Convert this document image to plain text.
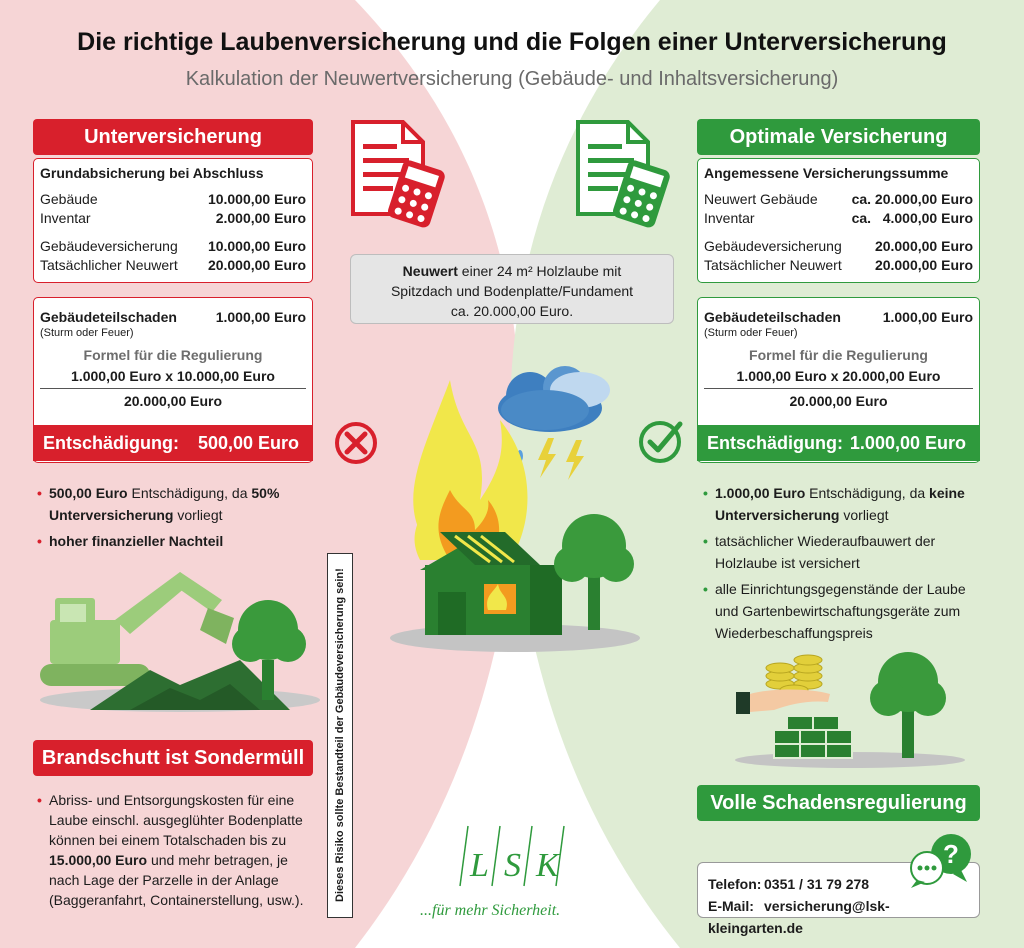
Die richtige Laubenversicherung und die Folgen einer Unterversicherung
Kalkulation der Neuwertversicherung (Gebäude- und Inhaltsversicherung)
Unterversicherung
Grundabsicherung bei Abschluss
Gebäude	10.000,00 Euro
Inventar	2.000,00 Euro
Gebäudeversicherung 10.000,00 Euro
Tatsächlicher Neuwert 20.000,00 Euro
Gebäudeteilschaden	1.000,00 Euro
(Sturm oder Feuer)
Formel für die Regulierung
1.000,00 Euro x 10.000,00 Euro
20.000,00 Euro
Entschädigung: 500,00 Euro
• 500,00 Euro Entschädigung, da 50% Unterversicherung vorliegt
• hoher finanzieller Nachteil
Brandschutt ist Sondermüll
• Abriss- und Entsorgungskosten für eine Laube einschl. ausgeglühter Bodenplatte können bei einem Totalschaden bis zu 15.000,00 Euro und mehr betragen, je nach Lage der Parzelle in der Anlage (Baggeranfahrt, Containerstellung, usw.).
Neuwert einer 24 m² Holzlaube mit
Spitzdach und Bodenplatte/Fundament
ca. 20.000,00 Euro.
Dieses Risiko sollte Bestandteil der Gebäudeversicherung sein!	L S K
...für mehr Sicherheit.
Optimale Versicherung
Angemessene Versicherungssumme
Neuwert Gebäude ca. 20.000,00 Euro
Inventar	ca.   4.000,00 Euro
Gebäudeversicherung 20.000,00 Euro
Tatsächlicher Neuwert 20.000,00 Euro
Gebäudeteilschaden	1.000,00 Euro
(Sturm oder Feuer)
Formel für die Regulierung
1.000,00 Euro x 20.000,00 Euro
20.000,00 Euro
Entschädigung: 1.000,00 Euro
• 1.000,00 Euro Entschädigung, da keine Unterversicherung vorliegt
• tatsächlicher Wiederaufbauwert der Holzlaube ist versichert
• alle Einrichtungsgegenstände der Laube und Gartenbewirtschaftungsgeräte zum Wiederbeschaffungspreis
Volle Schadensregulierung
Telefon: 0351 / 31 79 278
E-Mail: versicherung@lsk-kleingarten.de
?
